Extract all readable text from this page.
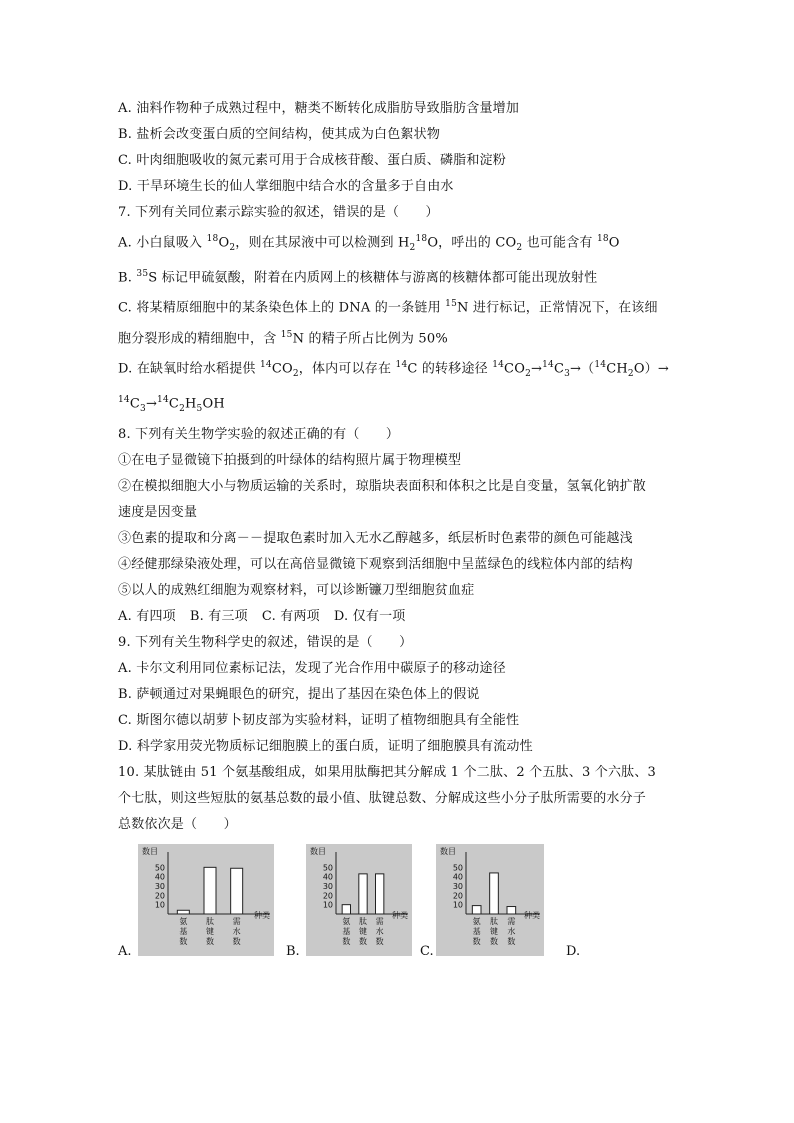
A. 油料作物种子成熟过程中，糖类不断转化成脂肪导致脂肪含量增加
B. 盐析会改变蛋白质的空间结构，使其成为白色絮状物
C. 叶肉细胞吸收的氮元素可用于合成核苷酸、蛋白质、磷脂和淀粉
D. 干旱环境生长的仙人掌细胞中结合水的含量多于自由水
7. 下列有关同位素示踪实验的叙述，错误的是（　　）
A. 小白鼠吸入 $^{18}O_2$，则在其尿液中可以检测到 $H_2^{18}O$，呼出的 $CO_2$ 也可能含有 $^{18}$O
B. $^{35}$S 标记甲硫氨酸，附着在内质网上的核糖体与游离的核糖体都可能出现放射性
C. 将某精原细胞中的某条染色体上的 DNA 的一条链用 $^{15}$N 进行标记，正常情况下，在该细
胞分裂形成的精细胞中，含 $^{15}$N 的精子所占比例为 50%
D. 在缺氧时给水稻提供 $^{14}CO_2$，体内可以存在 $^{14}$C 的转移途径 $^{14}CO_2\to^{14}C_3\to(^{14}CH_2O)\to$
$^{14}C_3\to^{14}C_2H_5OH$
8. 下列有关生物学实验的叙述正确的有（　　）
①在电子显微镜下拍摄到的叶绿体的结构照片属于物理模型
②在模拟细胞大小与物质运输的关系时，琼脂块表面积和体积之比是自变量，氢氧化钠扩散
速度是因变量
③色素的提取和分离－－提取色素时加入无水乙醇越多，纸层析时色素带的颜色可能越浅
④经健那绿染液处理，可以在高倍显微镜下观察到活细胞中呈蓝绿色的线粒体内部的结构
⑤以人的成熟红细胞为观察材料，可以诊断镰刀型细胞贫血症
A. 有四项 B. 有三项 C. 有两项 D. 仅有一项
9. 下列有关生物科学史的叙述，错误的是（　　）
A. 卡尔文利用同位素标记法，发现了光合作用中碳原子的移动途径
B. 萨顿通过对果蝇眼色的研究，提出了基因在染色体上的假说
C. 斯图尔德以胡萝卜韧皮部为实验材料，证明了植物细胞具有全能性
D. 科学家用荧光物质标记细胞膜上的蛋白质，证明了细胞膜具有流动性
10. 某肽链由 51 个氨基酸组成，如果用肽酶把其分解成 1 个二肽、2 个五肽、3 个六肽、3
个七肽，则这些短肽的氨基总数的最小值、肽键总数、分解成这些小分子肽所需要的水分子
总数依次是（　　）
A.
数目
10
20
30
40
50
氨
基
数
肽
键
数
需
水
数
种类
B.
数目
10
20
30
40
50
氨
基
数
肽
键
数
需
水
数
种类
C.
数目
10
20
30
40
50
氨
基
数
肽
键
数
需
水
数
种类
D.
